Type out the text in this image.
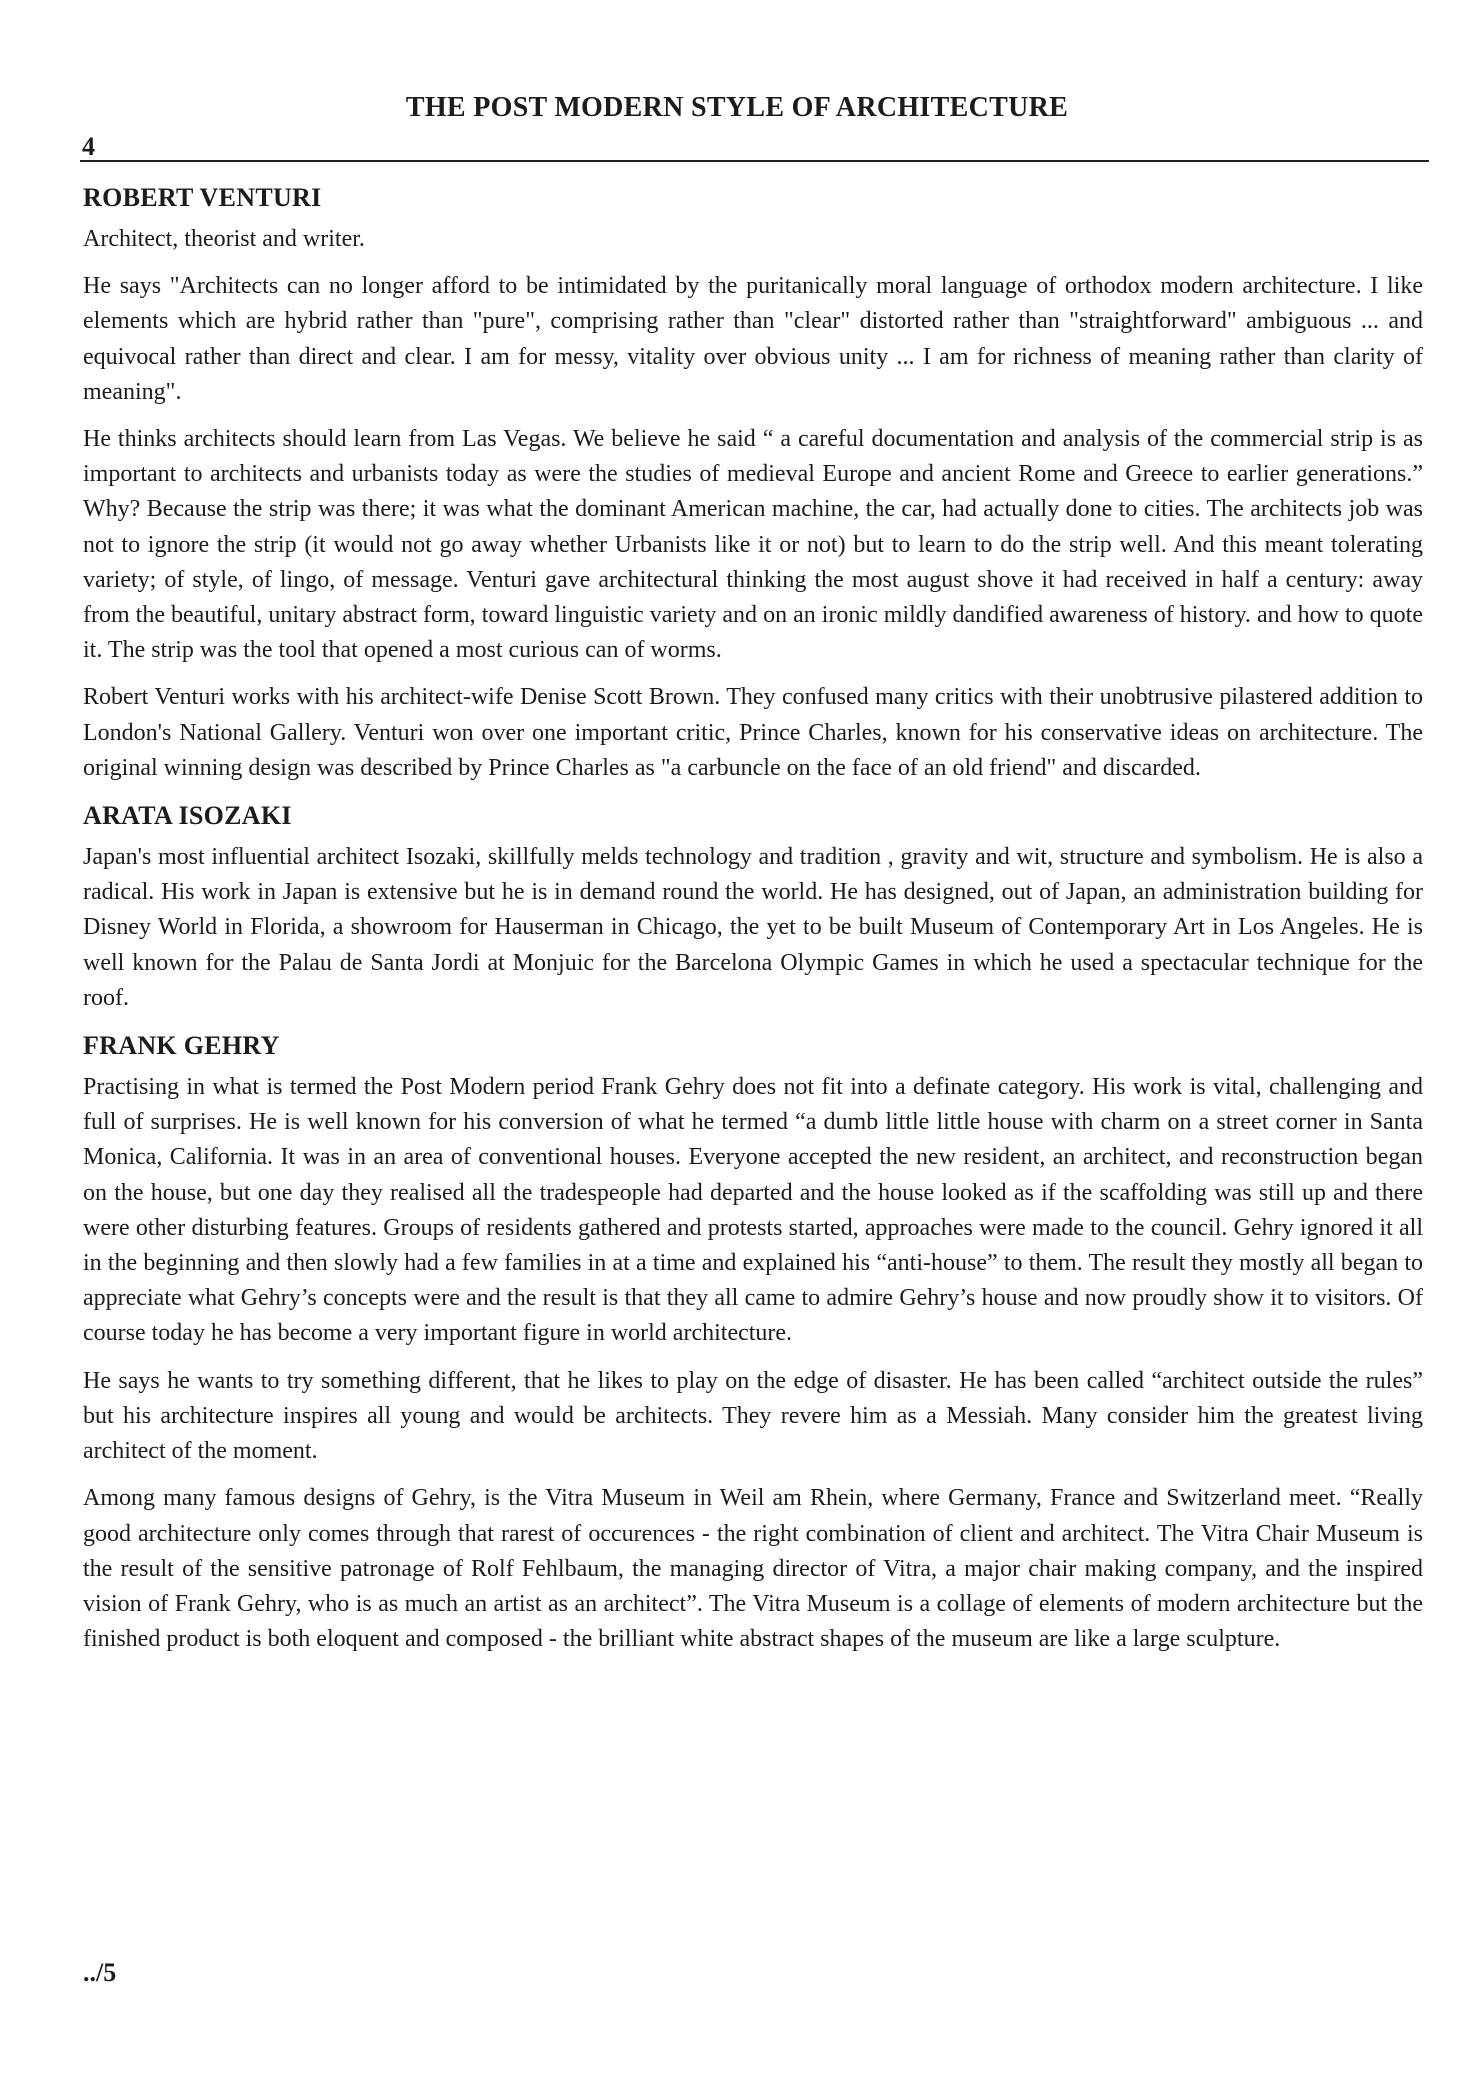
THE POST MODERN STYLE OF ARCHITECTURE
4
ROBERT VENTURI

Architect, theorist and writer.

He says "Architects can no longer afford to be intimidated by the puritanically moral language of orthodox modern architecture. I like elements which are hybrid rather than "pure", comprising rather than "clear" distorted rather than "straightforward" ambiguous ... and equivocal rather than direct and clear. I am for messy, vitality over obvious unity ... I am for richness of meaning rather than clarity of meaning".

He thinks architects should learn from Las Vegas. We believe he said “ a careful documentation and analysis of the commercial strip is as important to architects and urbanists today as were the studies of medieval Europe and ancient Rome and Greece to earlier generations.” Why? Because the strip was there; it was what the dominant American machine, the car, had actually done to cities. The architects job was not to ignore the strip (it would not go away whether Urbanists like it or not) but to learn to do the strip well. And this meant tolerating variety; of style, of lingo, of message. Venturi gave architectural thinking the most august shove it had received in half a century: away from the beautiful, unitary abstract form, toward linguistic variety and on an ironic mildly dandified awareness of history. and how to quote it. The strip was the tool that opened a most curious can of worms.

Robert Venturi works with his architect-wife Denise Scott Brown. They confused many critics with their unobtrusive pilastered addition to London's National Gallery. Venturi won over one important critic, Prince Charles, known for his conservative ideas on architecture. The original winning design was described by Prince Charles as "a carbuncle on the face of an old friend" and discarded.

ARATA ISOZAKI

Japan's most influential architect Isozaki, skillfully melds technology and tradition , gravity and wit, structure and symbolism. He is also a radical. His work in Japan is extensive but he is in demand round the world. He has designed, out of Japan, an administration building for Disney World in Florida, a showroom for Hauserman in Chicago, the yet to be built Museum of Contemporary Art in Los Angeles. He is well known for the Palau de Santa Jordi at Monjuic for the Barcelona Olympic Games in which he used a spectacular technique for the roof.

FRANK GEHRY

Practising in what is termed the Post Modern period Frank Gehry does not fit into a definate category. His work is vital, challenging and full of surprises. He is well known for his conversion of what he termed “a dumb little little house with charm on a street corner in Santa Monica, California. It was in an area of conventional houses. Everyone accepted the new resident, an architect, and reconstruction began on the house, but one day they realised all the tradespeople had departed and the house looked as if the scaffolding was still up and there were other disturbing features. Groups of residents gathered and protests started, approaches were made to the council. Gehry ignored it all in the beginning and then slowly had a few families in at a time and explained his “anti-house” to them. The result they mostly all began to appreciate what Gehry’s concepts were and the result is that they all came to admire Gehry’s house and now proudly show it to visitors. Of course today he has become a very important figure in world architecture.

He says he wants to try something different, that he likes to play on the edge of disaster. He has been called “architect outside the rules” but his architecture inspires all young and would be architects. They revere him as a Messiah. Many consider him the greatest living architect of the moment.

Among many famous designs of Gehry, is the Vitra Museum in Weil am Rhein, where Germany, France and Switzerland meet. “Really good architecture only comes through that rarest of occurences - the right combination of client and architect. The Vitra Chair Museum is the result of the sensitive patronage of Rolf Fehlbaum, the managing director of Vitra, a major chair making company, and the inspired vision of Frank Gehry, who is as much an artist as an architect”. The Vitra Museum is a collage of elements of modern architecture but the finished product is both eloquent and composed - the brilliant white abstract shapes of the museum are like a large sculpture.

../5
